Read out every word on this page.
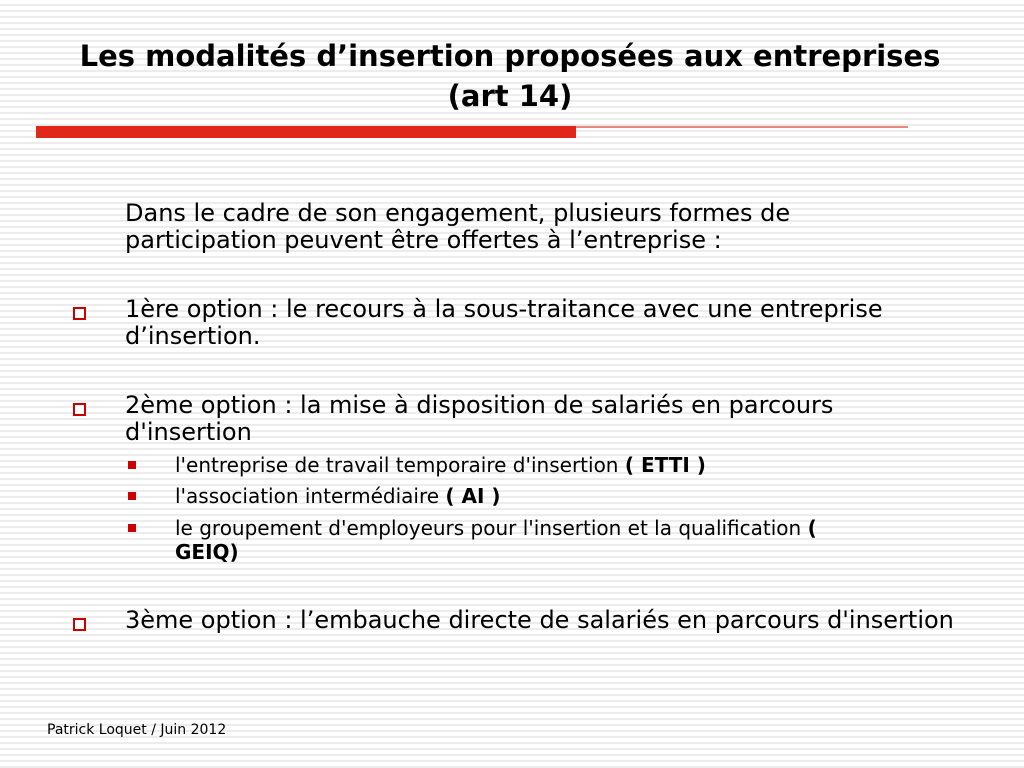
Les modalités d’insertion proposées aux entreprises (art 14)

Dans le cadre de son engagement, plusieurs formes de participation peuvent être offertes à l’entreprise :

1ère option : le recours à la sous-traitance avec une entreprise d’insertion.

2ème option : la mise à disposition de salariés en parcours d'insertion

l'entreprise de travail temporaire d'insertion ( ETTI )

l'association intermédiaire ( AI )

le groupement d'employeurs pour l'insertion et la qualification ( GEIQ)

3ème option : l’embauche directe de salariés en parcours d'insertion

Patrick Loquet / Juin 2012
